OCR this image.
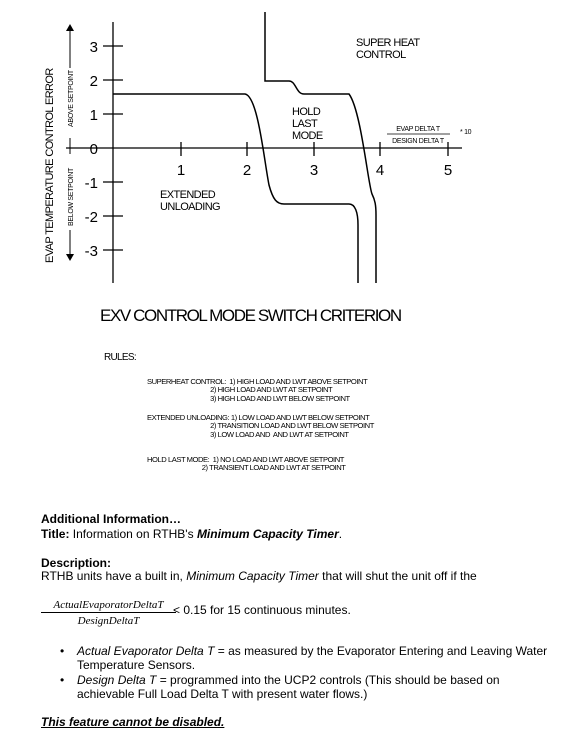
EVAP TEMPERATURE CONTROL ERROR ABOVE SETPOINT
BELOW SETPOINT
3
2
1
0
-1
-2
-3
1	2	3	4	5
SUPER HEAT
CONTROL
HOLD
LAST
MODE
EXTENDED
UNLOADING
EVAP DELTA T
DESIGN DELTA T
* 10
EXV CONTROL MODE SWITCH CRITERION
RULES:
SUPERHEAT CONTROL:  1) HIGH LOAD AND LWT ABOVE SETPOINT
2) HIGH LOAD AND LWT AT SETPOINT
3) HIGH LOAD AND LWT BELOW SETPOINT
EXTENDED UNLOADING: 1) LOW LOAD AND LWT BELOW SETPOINT
2) TRANSITION LOAD AND LWT BELOW SETPOINT
3) LOW LOAD AND  AND LWT AT SETPOINT
HOLD LAST MODE:  1) NO LOAD AND LWT ABOVE SETPOINT
2) TRANSIENT LOAD AND LWT AT SETPOINT
Additional Information…
Title: Information on RTHB's Minimum Capacity Timer.
Description:
RTHB units have a built in, Minimum Capacity Timer that will shut the unit off if the
ActualEvaporatorDeltaT
DesignDeltaT
< 0.15 for 15 continuous minutes.
• Actual Evaporator Delta T = as measured by the Evaporator Entering and Leaving Water Temperature Sensors.
• Design Delta T = programmed into the UCP2 controls (This should be based on achievable Full Load Delta T with present water flows.)
This feature cannot be disabled.
